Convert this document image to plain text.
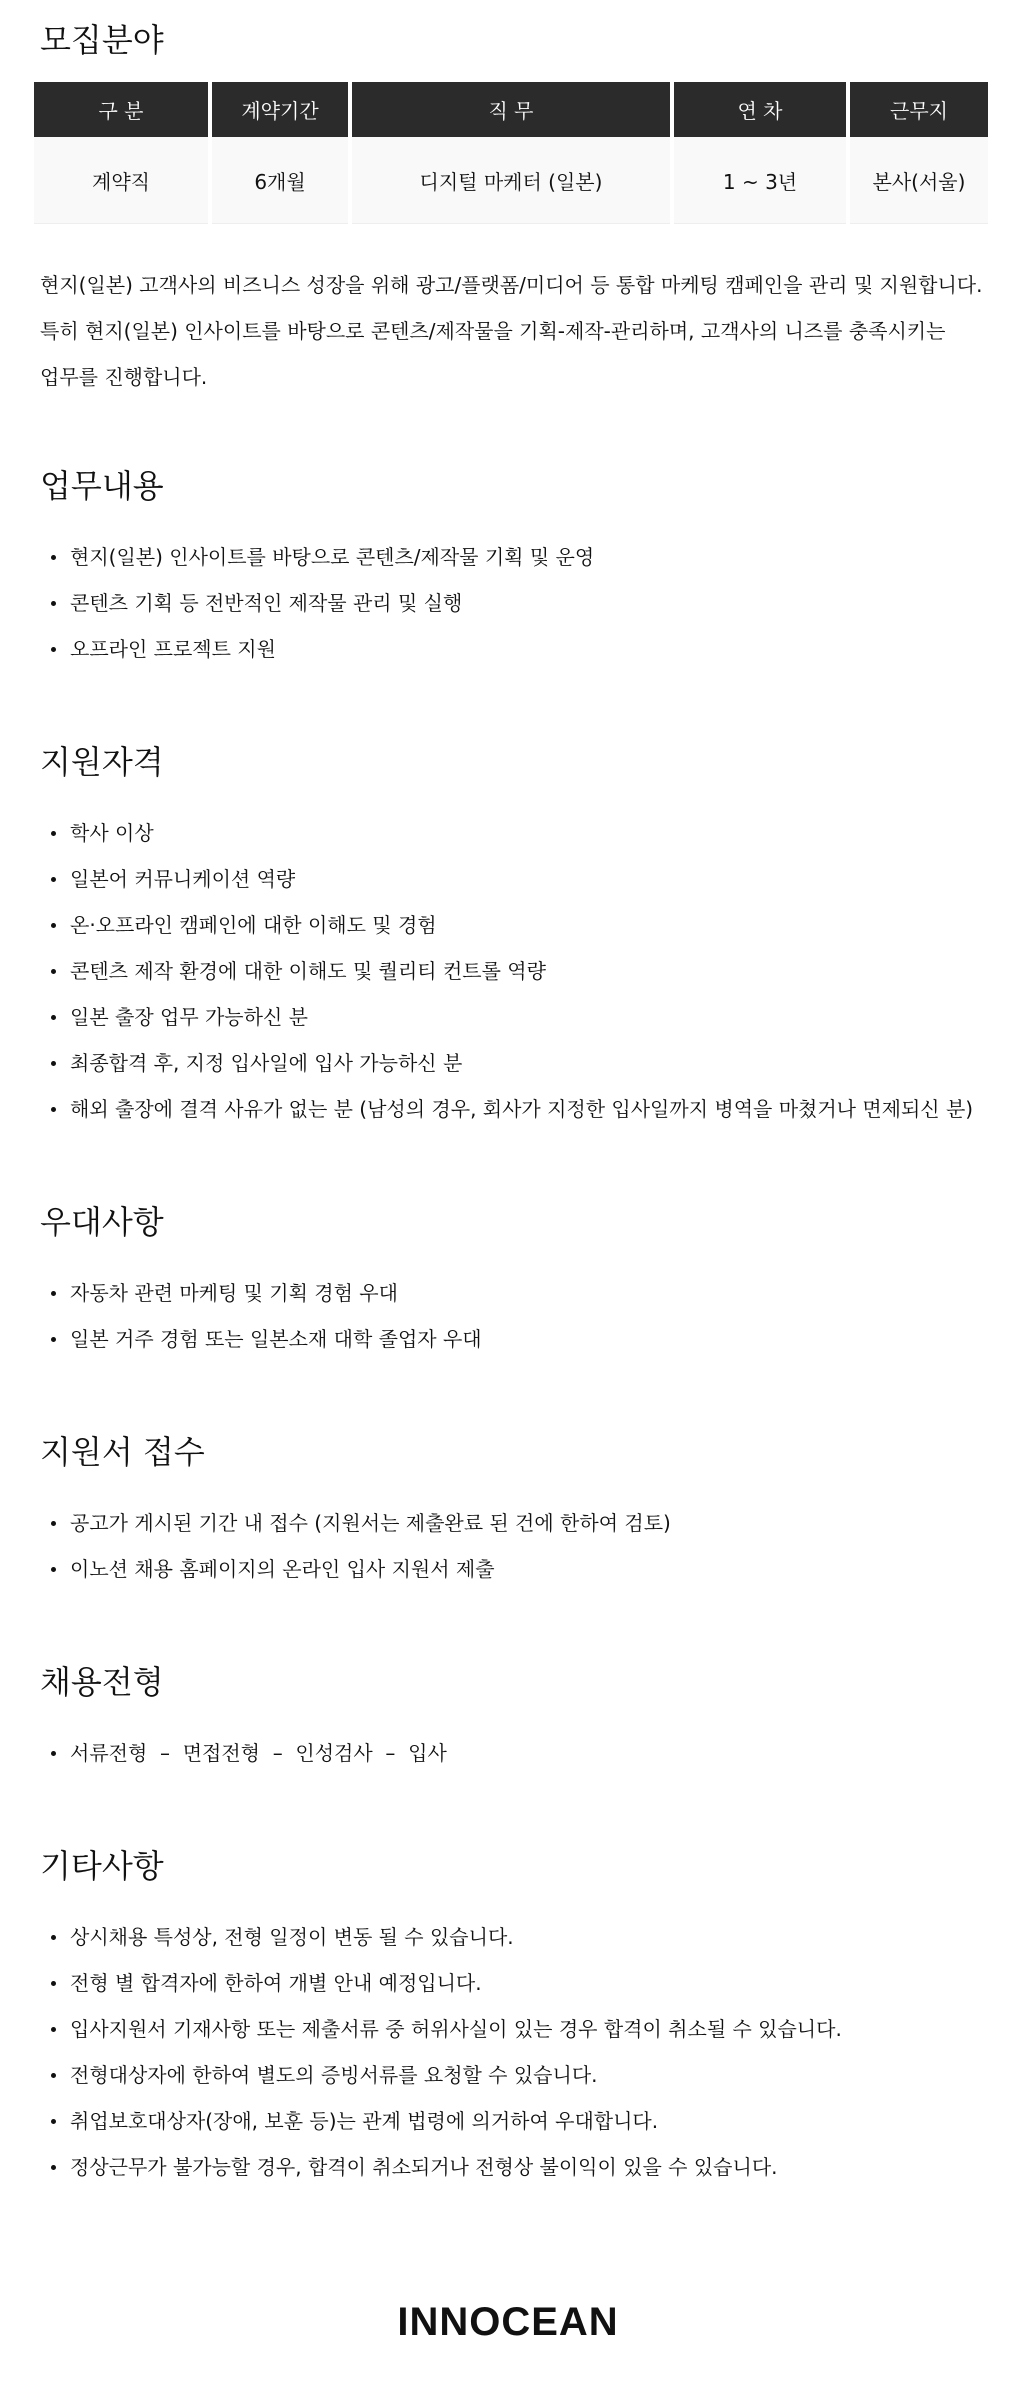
모집분야
구 분	계약기간	직 무	연 차	근무지
계약직	6개월	디지털 마케터 (일본)	1 ~ 3년	본사(서울)

현지(일본) 고객사의 비즈니스 성장을 위해 광고/플랫폼/미디어 등 통합 마케팅 캠페인을 관리 및 지원합니다.

특히 현지(일본) 인사이트를 바탕으로 콘텐츠/제작물을 기획-제작-관리하며, 고객사의 니즈를 충족시키는

업무를 진행합니다.

업무내용
현지(일본) 인사이트를 바탕으로 콘텐츠/제작물 기획 및 운영
콘텐츠 기획 등 전반적인 제작물 관리 및 실행
오프라인 프로젝트 지원
지원자격
학사 이상
일본어 커뮤니케이션 역량
온·오프라인 캠페인에 대한 이해도 및 경험
콘텐츠 제작 환경에 대한 이해도 및 퀄리티 컨트롤 역량
일본 출장 업무 가능하신 분
최종합격 후, 지정 입사일에 입사 가능하신 분
해외 출장에 결격 사유가 없는 분 (남성의 경우, 회사가 지정한 입사일까지 병역을 마쳤거나 면제되신 분)
우대사항
자동차 관련 마케팅 및 기획 경험 우대
일본 거주 경험 또는 일본소재 대학 졸업자 우대
지원서 접수
공고가 게시된 기간 내 접수 (지원서는 제출완료 된 건에 한하여 검토)
이노션 채용 홈페이지의 온라인 입사 지원서 제출
채용전형
서류전형  –  면접전형  –  인성검사  –  입사
기타사항
상시채용 특성상, 전형 일정이 변동 될 수 있습니다.
전형 별 합격자에 한하여 개별 안내 예정입니다.
입사지원서 기재사항 또는 제출서류 중 허위사실이 있는 경우 합격이 취소될 수 있습니다.
전형대상자에 한하여 별도의 증빙서류를 요청할 수 있습니다.
취업보호대상자(장애, 보훈 등)는 관계 법령에 의거하여 우대합니다.
정상근무가 불가능할 경우, 합격이 취소되거나 전형상 불이익이 있을 수 있습니다.
INNOCEAN
